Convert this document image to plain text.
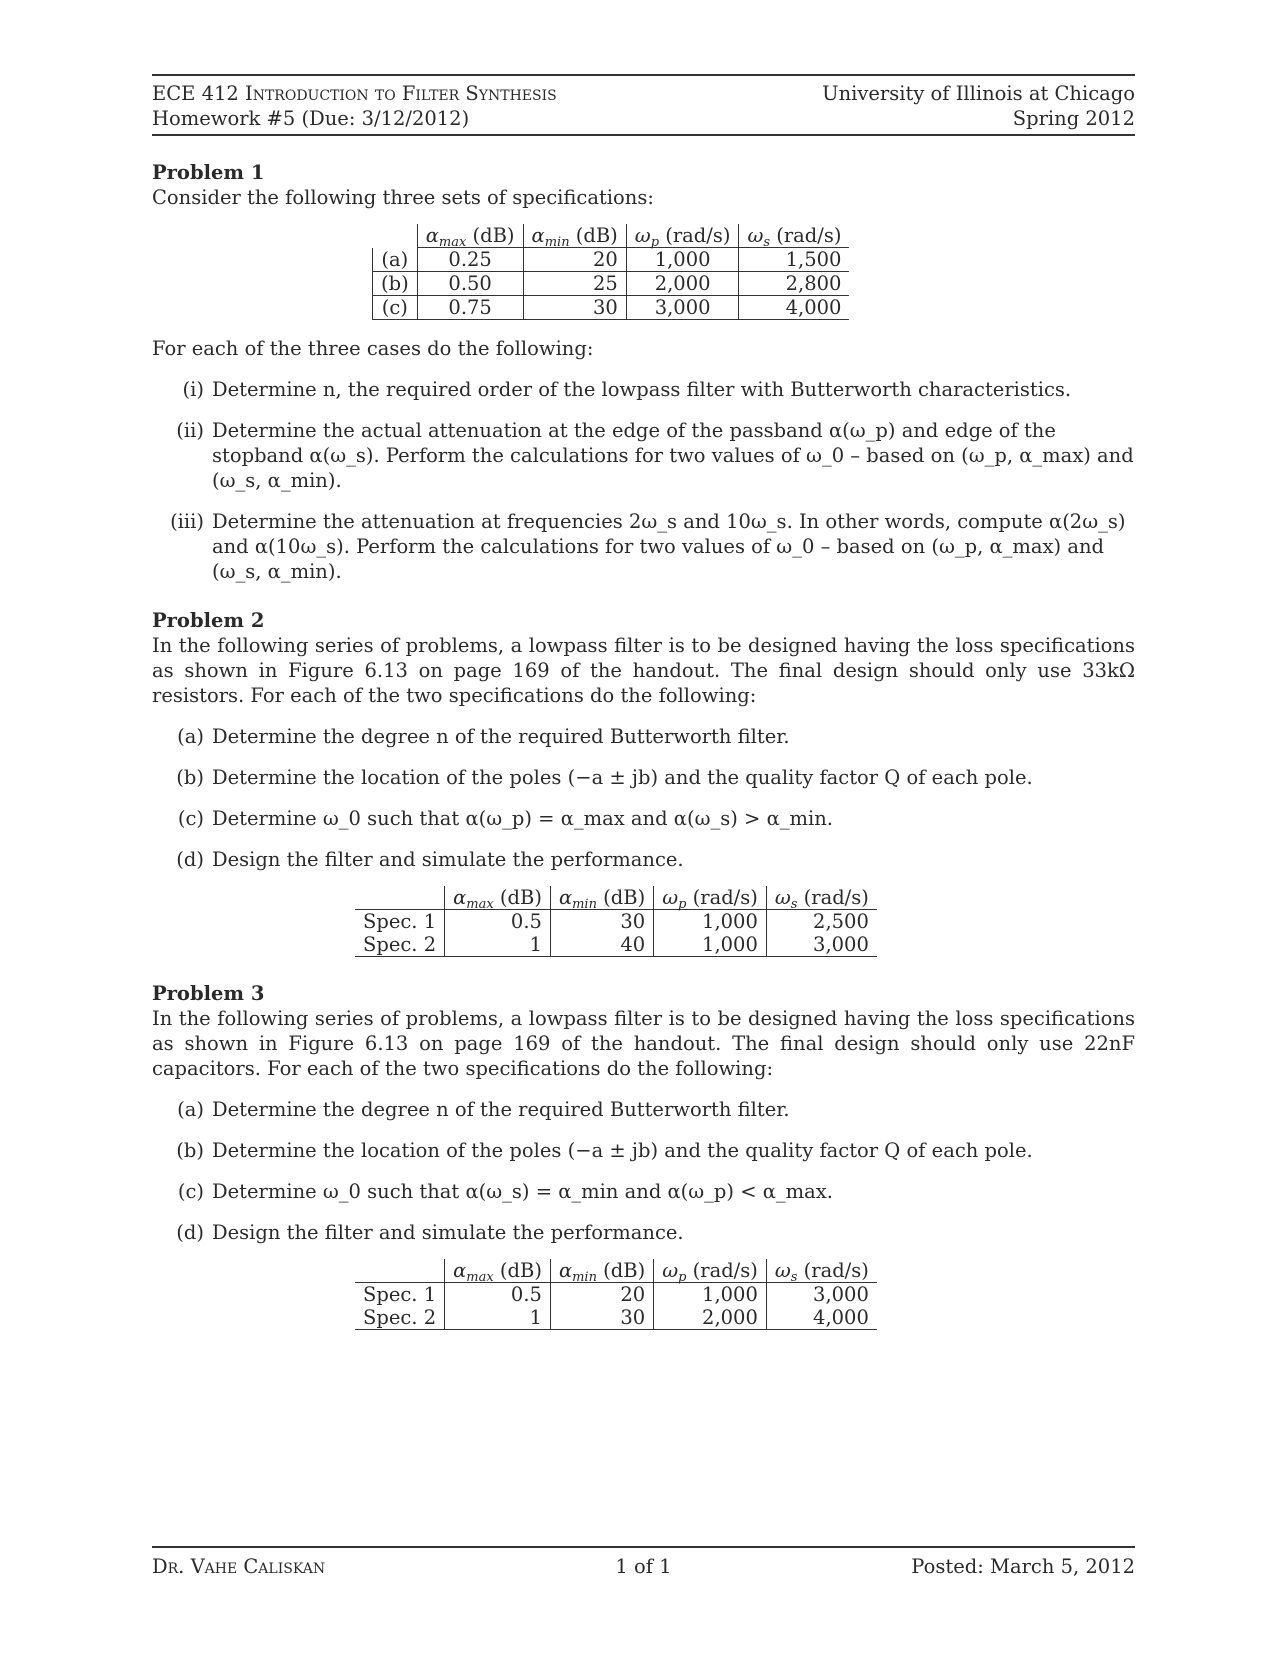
ECE 412 Introduction to Filter Synthesis	University of Illinois at Chicago
Homework #5 (Due: 3/12/2012)	Spring 2012
Problem 1

Consider the following three sets of specifications:

	$\alpha_{max}$ (dB)	$\alpha_{min}$ (dB)	$\omega_p$ (rad/s)	$\omega_s$ (rad/s)
(a)	0.25	20	1,000	1,500
(b)	0.50	25	2,000	2,800
(c)	0.75	30	3,000	4,000

For each of the three cases do the following:

(i) Determine n, the required order of the lowpass filter with Butterworth characteristics.
(ii) Determine the actual attenuation at the edge of the passband α(ω_p) and edge of the stopband α(ω_s). Perform the calculations for two values of ω_0 – based on (ω_p, α_max) and (ω_s, α_min).
(iii) Determine the attenuation at frequencies 2ω_s and 10ω_s. In other words, compute α(2ω_s) and α(10ω_s). Perform the calculations for two values of ω_0 – based on (ω_p, α_max) and (ω_s, α_min).
Problem 2

In the following series of problems, a lowpass filter is to be designed having the loss specifications as shown in Figure 6.13 on page 169 of the handout. The final design should only use 33kΩ resistors. For each of the two specifications do the following:

(a) Determine the degree n of the required Butterworth filter.
(b) Determine the location of the poles (−a ± jb) and the quality factor Q of each pole.
(c) Determine ω_0 such that α(ω_p) = α_max and α(ω_s) > α_min.
(d) Design the filter and simulate the performance.
	$\alpha_{max}$ (dB)	$\alpha_{min}$ (dB)	$\omega_p$ (rad/s)	$\omega_s$ (rad/s)
Spec. 1	0.5	30	1,000	2,500
Spec. 2	1	40	1,000	3,000
Problem 3

In the following series of problems, a lowpass filter is to be designed having the loss specifications as shown in Figure 6.13 on page 169 of the handout. The final design should only use 22nF capacitors. For each of the two specifications do the following:

(a) Determine the degree n of the required Butterworth filter.
(b) Determine the location of the poles (−a ± jb) and the quality factor Q of each pole.
(c) Determine ω_0 such that α(ω_s) = α_min and α(ω_p) < α_max.
(d) Design the filter and simulate the performance.
	$\alpha_{max}$ (dB)	$\alpha_{min}$ (dB)	$\omega_p$ (rad/s)	$\omega_s$ (rad/s)
Spec. 1	0.5	20	1,000	3,000
Spec. 2	1	30	2,000	4,000
Dr. Vahe Caliskan	1 of 1	Posted: March 5, 2012
